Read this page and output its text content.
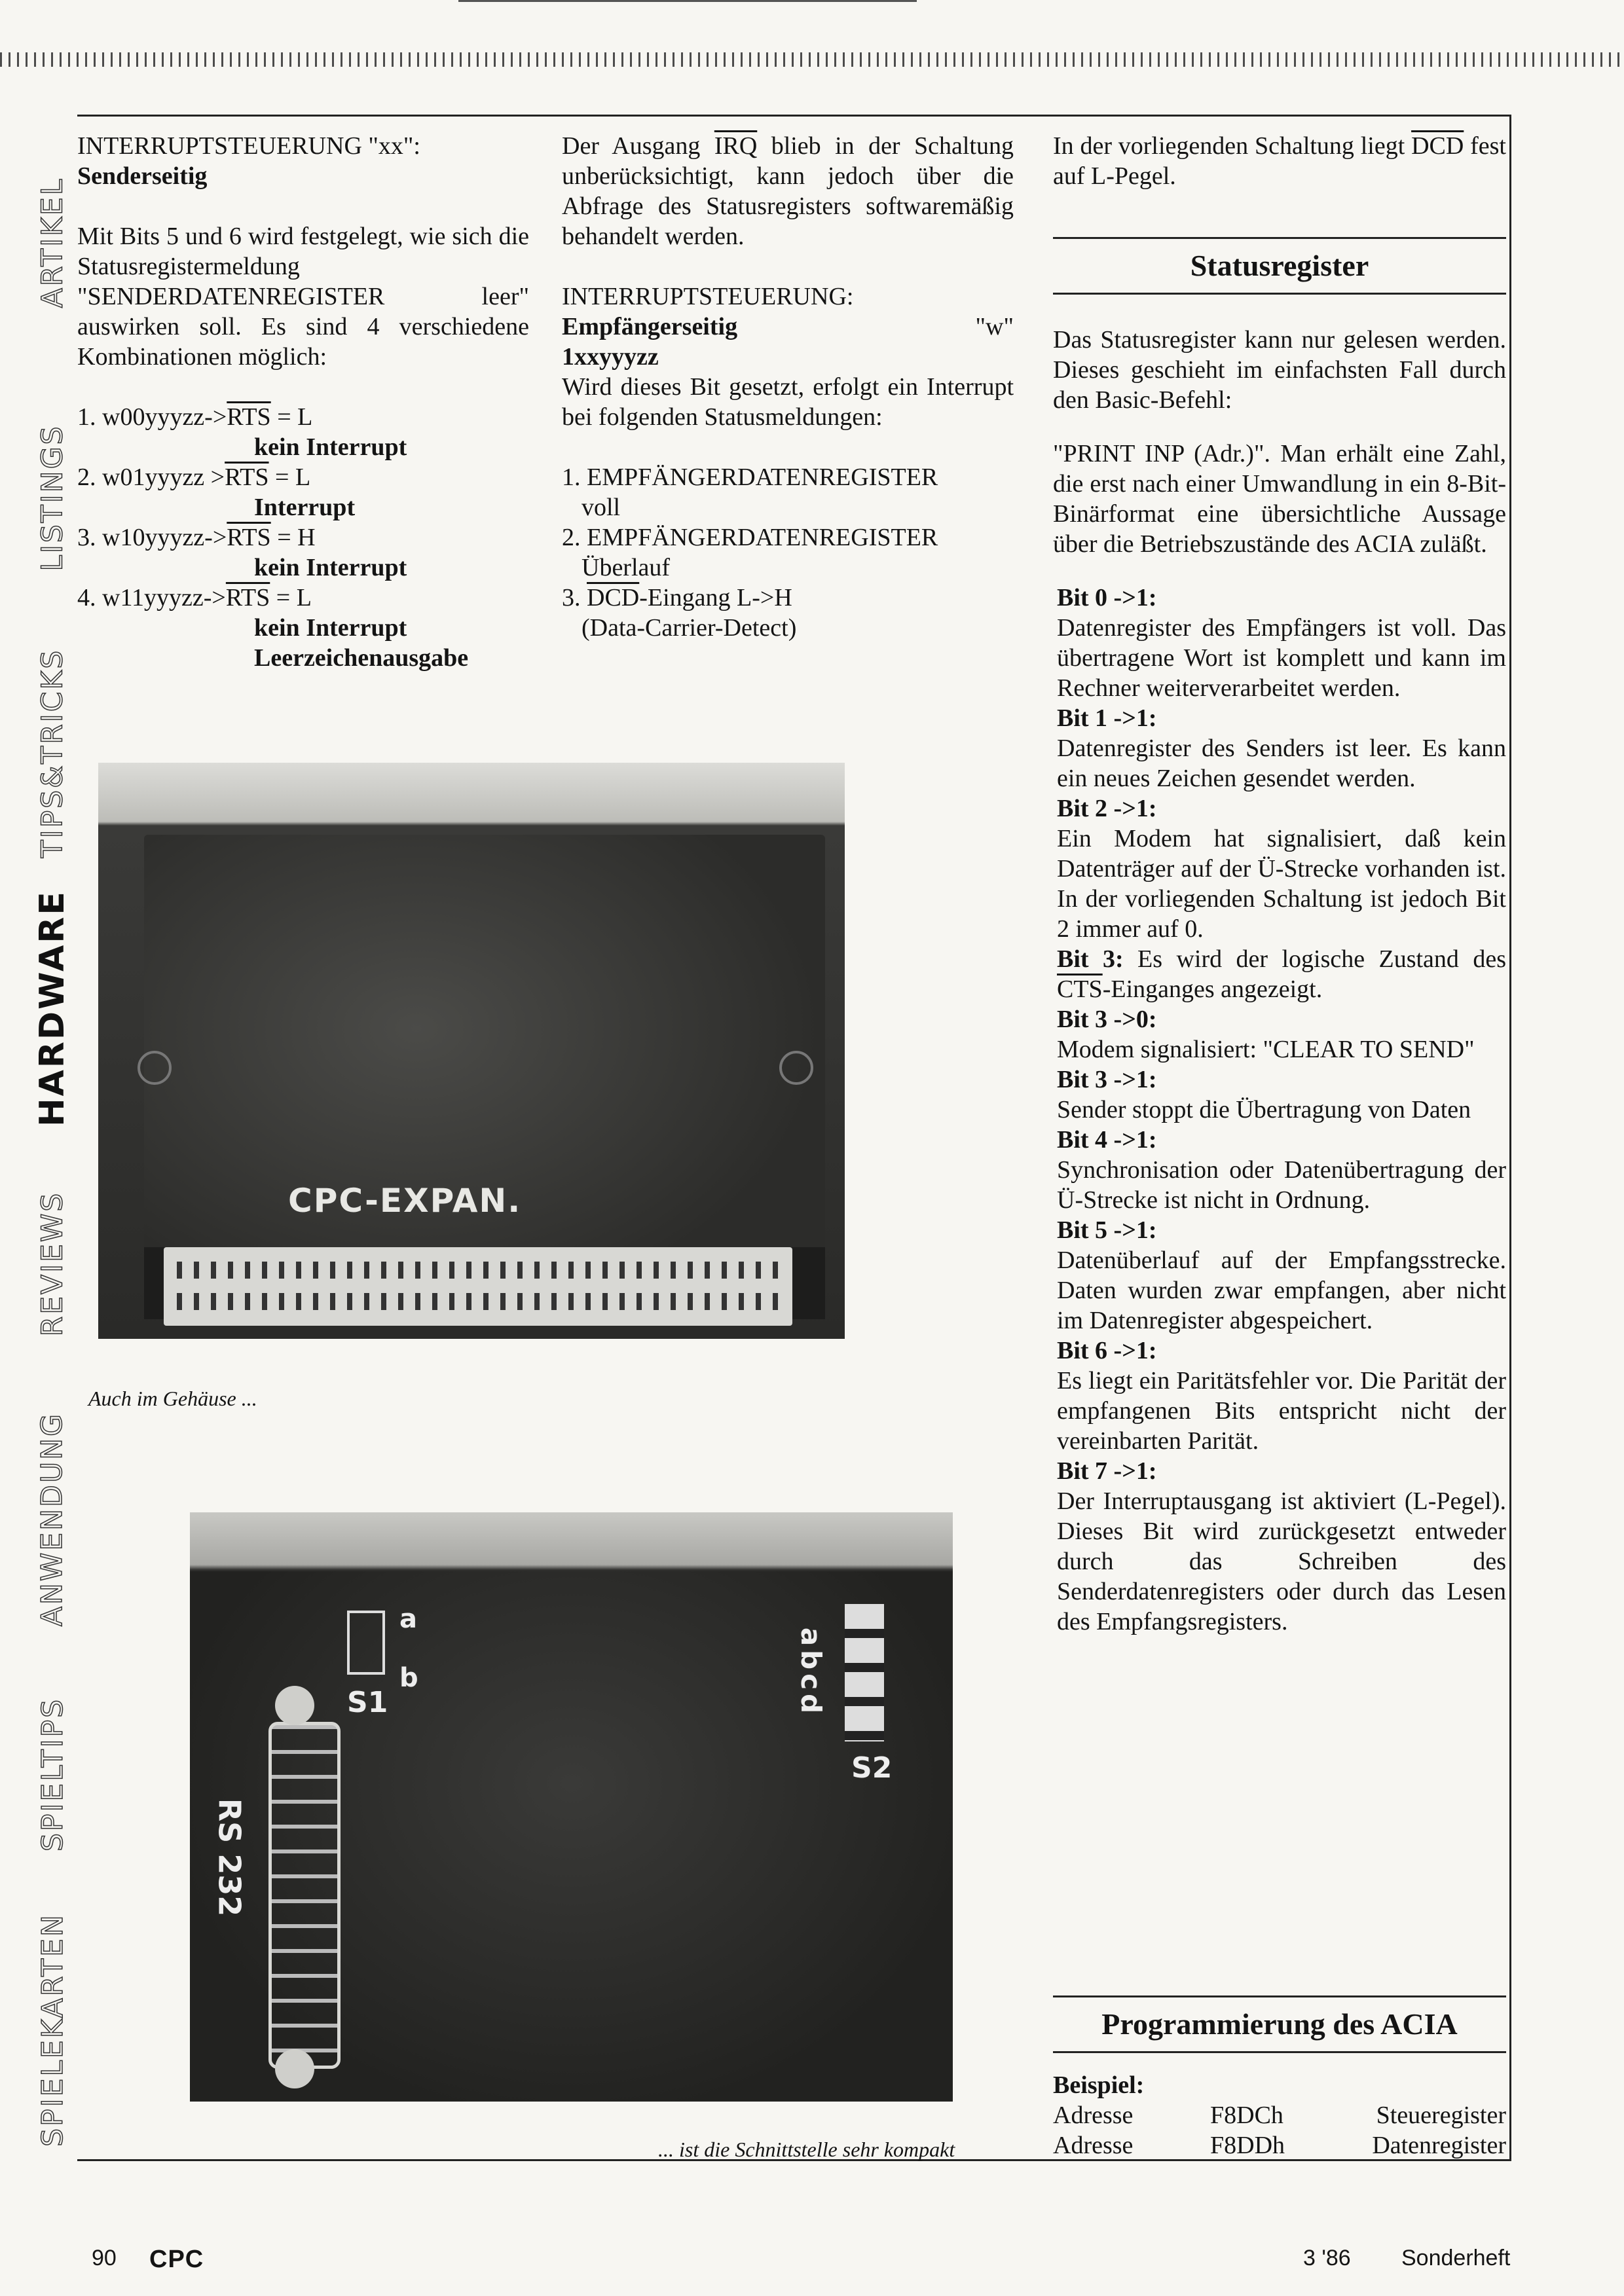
SPIELEKARTEN
SPIELTIPS
ANWENDUNG
REVIEWS
HARDWARE
TIPS&TRICKS
LISTINGS
ARTIKEL

INTERRUPTSTEUERUNG "xx":

Senderseitig

Mit Bits 5 und 6 wird festgelegt, wie sich die Statusregistermeldung "SENDERDATENREGISTER leer" auswirken soll. Es sind 4 verschiedene Kombinationen möglich:

1. $w00yyyzz->\overline{RTS} = L$

kein Interrupt

2. w01yyyzz $>\overline{RTS} = L$

Interrupt

3. $w10yyyzz->\overline{RTS} = H$

kein Interrupt

4. $w11yyyzz->\overline{RTS} = L$

kein Interrupt

Leerzeichenausgabe

Der Ausgang $\overline{IRQ}$ blieb in der Schaltung unberücksichtigt, kann jedoch über die Abfrage des Statusregisters softwaremäßig behandelt werden.

INTERRUPTSTEUERUNG:

Empfängerseitig	"w"

1xxyyyzz

Wird dieses Bit gesetzt, erfolgt ein Interrupt bei folgenden Statusmeldungen:

1. EMPFÄNGERDATENREGISTER

voll

2. EMPFÄNGERDATENREGISTER

Überlauf

3. $\overline{DCD}$-Eingang L->H

(Data-Carrier-Detect)

In der vorliegenden Schaltung liegt $\overline{DCD}$ fest auf L-Pegel.

Statusregister

Das Statusregister kann nur gelesen werden. Dieses geschieht im einfachsten Fall durch den Basic-Befehl:

"PRINT INP (Adr.)". Man erhält eine Zahl, die erst nach einer Umwandlung in ein 8-Bit-Binärformat eine übersichtliche Aussage über die Betriebszustände des ACIA zuläßt.

Bit 0 ->1:

Datenregister des Empfängers ist voll. Das übertragene Wort ist komplett und kann im Rechner weiterverarbeitet werden.

Bit 1 ->1:

Datenregister des Senders ist leer. Es kann ein neues Zeichen gesendet werden.

Bit 2 ->1:

Ein Modem hat signalisiert, daß kein Datenträger auf der Ü-Strecke vorhanden ist. In der vorliegenden Schaltung ist jedoch Bit 2 immer auf 0.

Bit 3: Es wird der logische Zustand des $\overline{CTS}$-Einganges angezeigt.

Bit 3 ->0:

Modem signalisiert: "CLEAR TO SEND"

Bit 3 ->1:

Sender stoppt die Übertragung von Daten

Bit 4 ->1:

Synchronisation oder Datenübertragung der Ü-Strecke ist nicht in Ordnung.

Bit 5 ->1:

Datenüberlauf auf der Empfangsstrecke. Daten wurden zwar empfangen, aber nicht im Datenregister abgespeichert.

Bit 6 ->1:

Es liegt ein Paritätsfehler vor. Die Parität der empfangenen Bits entspricht nicht der vereinbarten Parität.

Bit 7 ->1:

Der Interruptausgang ist aktiviert (L-Pegel). Dieses Bit wird zurückgesetzt entweder durch das Schreiben des Senderdatenregisters oder durch das Lesen des Empfangsregisters.

Programmierung des ACIA

Beispiel:

Adresse	F8DCh	Steueregister
Adresse	F8DDh	Datenregister
CPC-EXPAN.
Auch im Gehäuse ...
a
b
S1	abcd
S2
RS 232
... ist die Schnittstelle sehr kompakt
90 CPC	3 '86 Sonderheft
